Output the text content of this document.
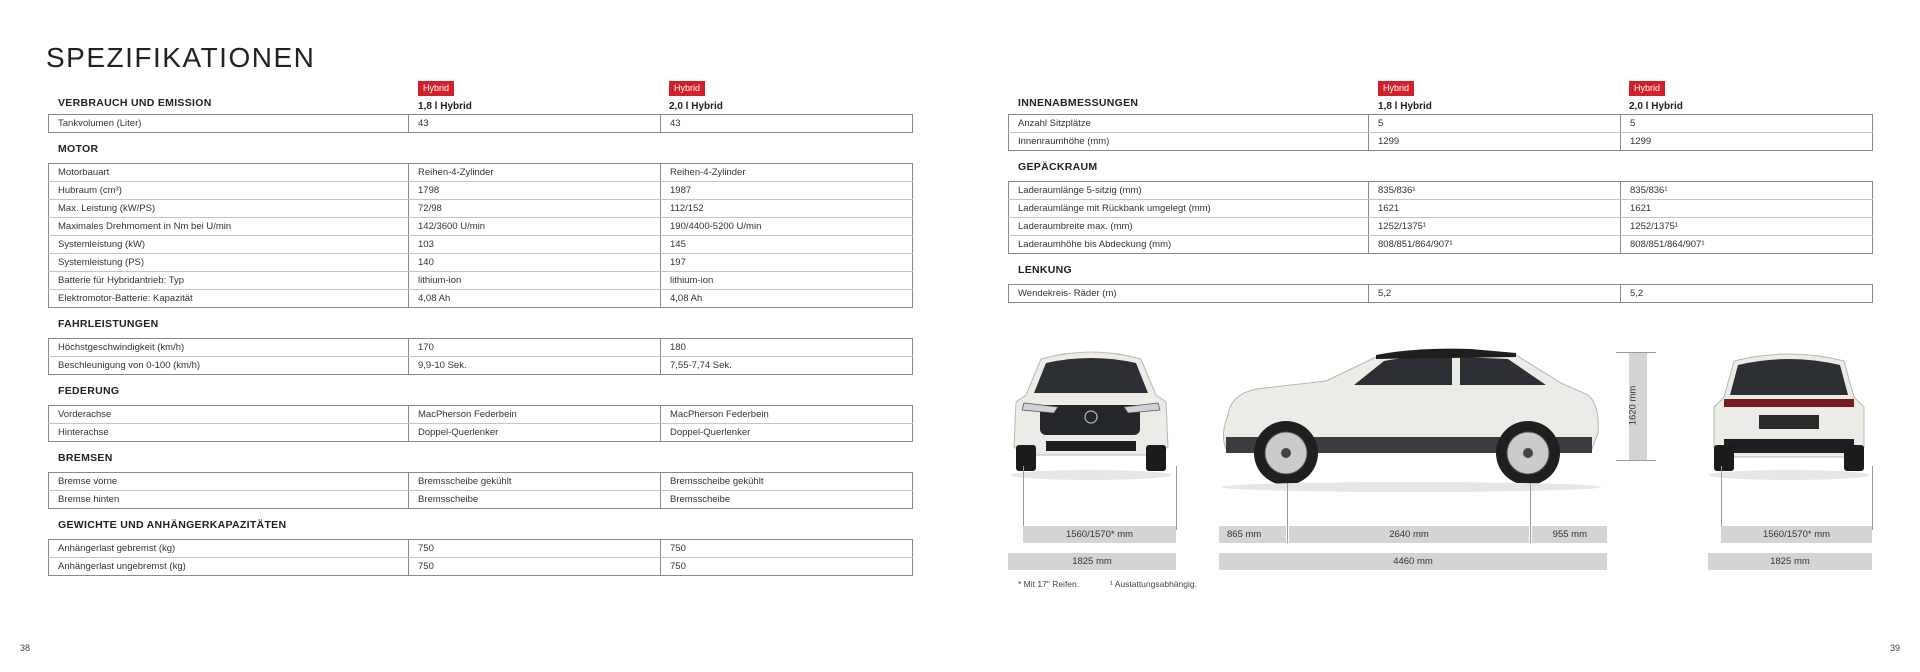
SPEZIFIKATIONEN
VERBRAUCH UND EMISSION
Hybrid
1,8 l Hybrid
Hybrid
2,0 l Hybrid
Tankvolumen (Liter)	43	43
MOTOR
Motorbauart	Reihen-4-Zylinder	Reihen-4-Zylinder
Hubraum (cm³)	1798	1987
Max. Leistung (kW/PS)	72/98	112/152
Maximales Drehmoment in Nm bei U/min	142/3600 U/min	190/4400-5200 U/min
Systemleistung (kW)	103	145
Systemleistung (PS)	140	197
Batterie für Hybridantrieb: Typ	lithium-ion	lithium-ion
Elektromotor-Batterie: Kapazität	4,08 Ah	4,08 Ah
FAHRLEISTUNGEN
Höchstgeschwindigkeit (km/h)	170	180
Beschleunigung von 0-100 (km/h)	9,9-10 Sek.	7,55-7,74 Sek.
FEDERUNG
Vorderachse	MacPherson Federbein	MacPherson Federbein
Hinterachse	Doppel-Querlenker	Doppel-Querlenker
BREMSEN
Bremse vorne	Bremsscheibe gekühlt	Bremsscheibe gekühlt
Bremse hinten	Bremsscheibe	Bremsscheibe
GEWICHTE UND ANHÄNGERKAPAZITÄTEN
Anhängerlast gebremst (kg)	750	750
Anhängerlast ungebremst (kg)	750	750
INNENABMESSUNGEN
Hybrid
1,8 l Hybrid
Hybrid
2,0 l Hybrid
Anzahl Sitzplätze	5	5
Innenraumhöhe (mm)	1299	1299
GEPÄCKRAUM
Laderaumlänge 5-sitzig (mm)	835/836¹	835/836¹
Laderaumlänge mit Rückbank umgelegt (mm)	1621	1621
Laderaumbreite max. (mm)	1252/1375¹	1252/1375¹
Laderaumhöhe bis Abdeckung (mm)	808/851/864/907¹	808/851/864/907¹
LENKUNG
Wendekreis- Räder (m)	5,2	5,2
1620 mm
1560/1570* mm
1825 mm
865 mm	2640 mm	955 mm
4460 mm
1560/1570* mm
1825 mm
* Mit 17" Reifen.	¹ Austattungsabhängig.
38	39
